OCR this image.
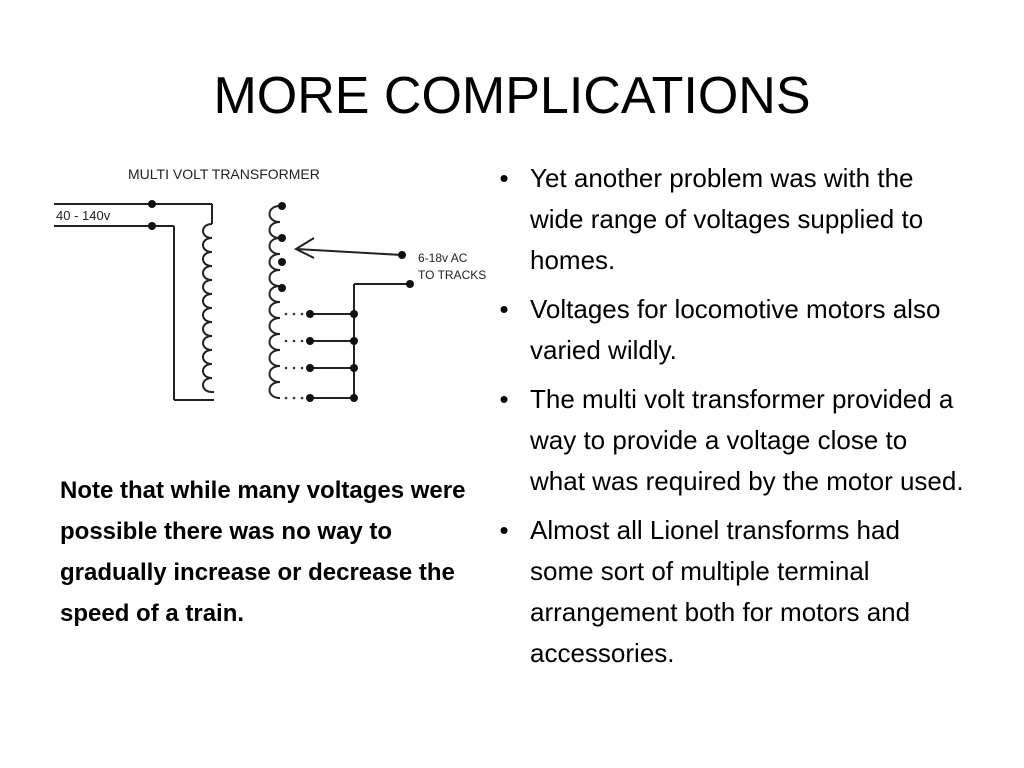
MORE COMPLICATIONS
MULTI VOLT TRANSFORMER
40 - 140v
6-18v AC
TO TRACKS
Note that while many voltages were possible there was no way to gradually increase or decrease the speed of a train.
• Yet another problem was with the wide range of voltages supplied to homes.
• Voltages for locomotive motors also varied wildly.
• The multi volt transformer provided a way to provide a voltage close to what was required by the motor used.
• Almost all Lionel transforms had some sort of multiple terminal arrangement both for motors and accessories.
